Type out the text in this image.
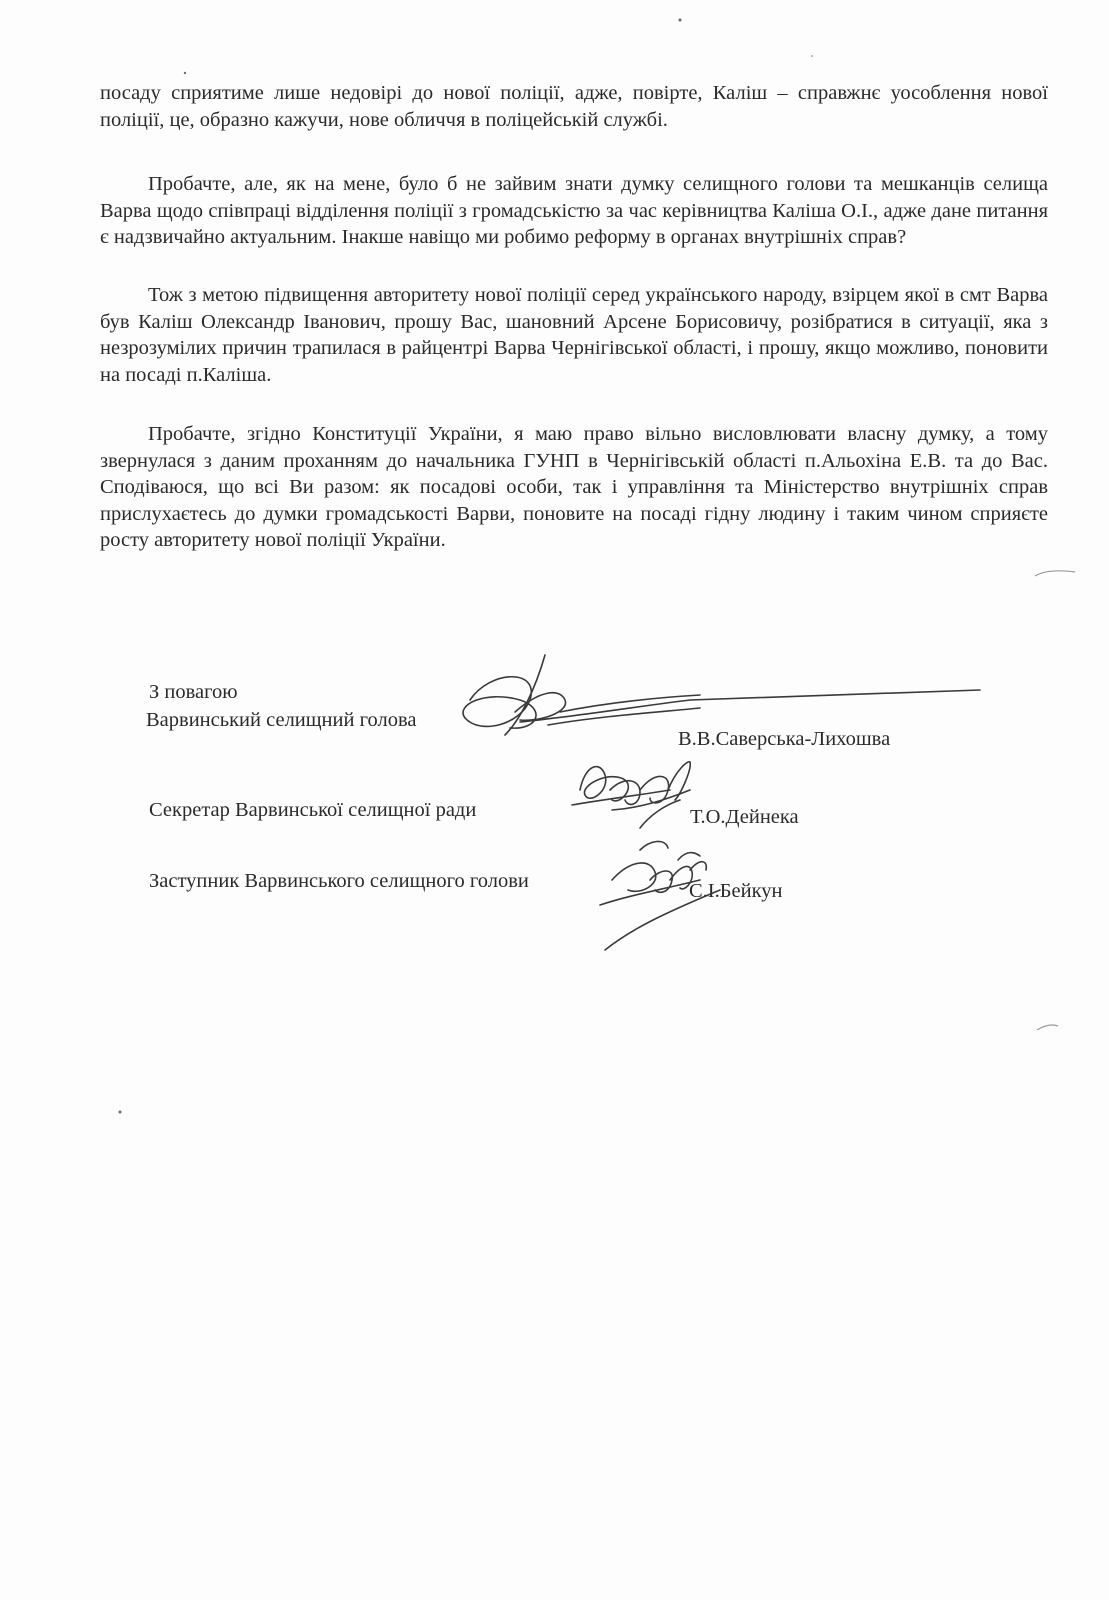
посаду сприятиме лише недовірі до нової поліції, адже, повірте, Каліш – справжнє уособлення нової поліції, це, образно кажучи, нове обличчя в поліцейській службі.

Пробачте, але, як на мене, було б не зайвим знати думку селищного голови та мешканців селища Варва щодо співпраці відділення поліції з громадськістю за час керівництва Каліша О.І., адже дане питання є надзвичайно актуальним. Інакше навіщо ми робимо реформу в органах внутрішніх справ?

Тож з метою підвищення авторитету нової поліції серед українського народу, взірцем якої в смт Варва був Каліш Олександр Іванович, прошу Вас, шановний Арсене Борисовичу, розібратися в ситуації, яка з незрозумілих причин трапилася в райцентрі Варва Чернігівської області, і прошу, якщо можливо, поновити на посаді п.Каліша.

Пробачте, згідно Конституції України, я маю право вільно висловлювати власну думку, а тому звернулася з даним проханням до начальника ГУНП в Чернігівській області п.Альохіна Е.В. та до Вас. Сподіваюся, що всі Ви разом: як посадові особи, так і управління та Міністерство внутрішніх справ прислухаєтесь до думки громадськості Варви, поновите на посаді гідну людину і таким чином сприяєте росту авторитету нової поліції України.

З повагою
Варвинський селищний голова
В.В.Саверська-Лихошва
Секретар Варвинської селищної ради	Т.О.Дейнека
Заступник Варвинського селищного голови	С.І.Бейкун
